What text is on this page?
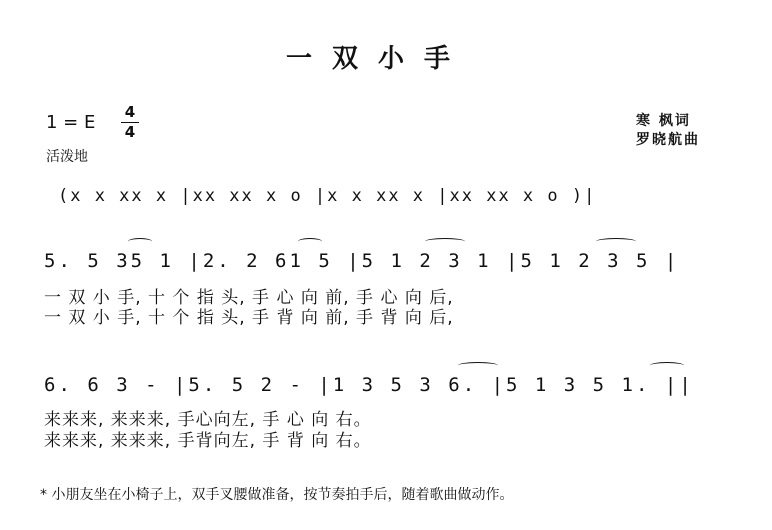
一双小手
1 = E 4
4
活泼地
寒 枫词
罗晓航曲
(x x xx x |xx xx x o |x x xx x |xx xx x o )|
5. 5 35 1 |2. 2 61 5 |5 1 2 3 1 |5 1 2 3 5 |
一 双 小 手, 十 个 指 头, 手 心 向 前, 手 心 向 后,
一 双 小 手, 十 个 指 头, 手 背 向 前, 手 背 向 后,
6. 6 3 - |5. 5 2 - |1 3 5 3 6. |5 1 3 5 1. ||
来来来, 来来来, 手心向左, 手 心 向 右。
来来来, 来来来, 手背向左, 手 背 向 右。
* 小朋友坐在小椅子上，双手叉腰做准备，按节奏拍手后，随着歌曲做动作。
